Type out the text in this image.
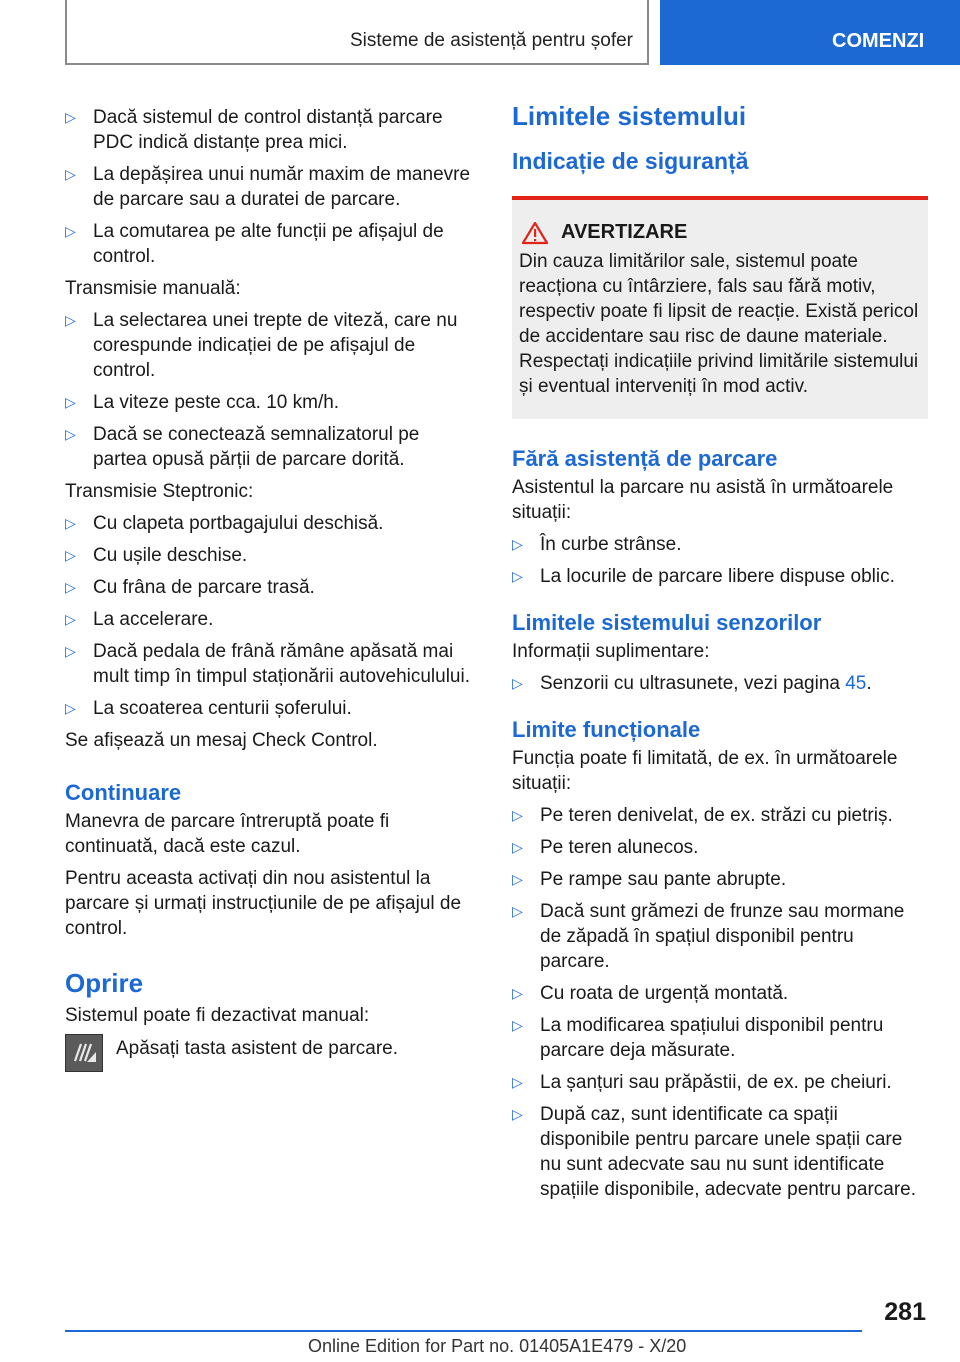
Sisteme de asistență pentru șofer	COMENZI
▷ Dacă sistemul de control distanță parcare PDC indică distanțe prea mici.
▷ La depășirea unui număr maxim de manevre de parcare sau a duratei de parcare.
▷ La comutarea pe alte funcții pe afișajul de control.

Transmisie manuală:

▷ La selectarea unei trepte de viteză, care nu corespunde indicației de pe afișajul de control.
▷ La viteze peste cca. 10 km/h.
▷ Dacă se conectează semnalizatorul pe partea opusă părții de parcare dorită.

Transmisie Steptronic:

▷ Cu clapeta portbagajului deschisă.
▷ Cu ușile deschise.
▷ Cu frâna de parcare trasă.
▷ La accelerare.
▷ Dacă pedala de frână rămâne apăsată mai mult timp în timpul staționării autovehiculului.
▷ La scoaterea centurii șoferului.

Se afișează un mesaj Check Control.

Continuare

Manevra de parcare întreruptă poate fi continuată, dacă este cazul.

Pentru aceasta activați din nou asistentul la parcare și urmați instrucțiunile de pe afișajul de control.

Oprire

Sistemul poate fi dezactivat manual:

Apăsați tasta asistent de parcare.
Limitele sistemului
Indicație de siguranță
AVERTIZARE

Din cauza limitărilor sale, sistemul poate reacționa cu întârziere, fals sau fără motiv, respectiv poate fi lipsit de reacție. Există pericol de accidentare sau risc de daune materiale. Respectați indicațiile privind limitările sistemului și eventual interveniți în mod activ.

Fără asistență de parcare

Asistentul la parcare nu asistă în următoarele situații:

▷ În curbe strânse.
▷ La locurile de parcare libere dispuse oblic.
Limitele sistemului senzorilor

Informații suplimentare:

▷ Senzorii cu ultrasunete, vezi pagina 45.
Limite funcționale

Funcția poate fi limitată, de ex. în următoarele situații:

▷ Pe teren denivelat, de ex. străzi cu pietriș.
▷ Pe teren alunecos.
▷ Pe rampe sau pante abrupte.
▷ Dacă sunt grămezi de frunze sau mormane de zăpadă în spațiul disponibil pentru parcare.
▷ Cu roata de urgență montată.
▷ La modificarea spațiului disponibil pentru parcare deja măsurate.
▷ La șanțuri sau prăpăstii, de ex. pe cheiuri.
▷ După caz, sunt identificate ca spații disponibile pentru parcare unele spații care nu sunt adecvate sau nu sunt identificate spațiile disponibile, adecvate pentru parcare.
281
Online Edition for Part no. 01405A1E479 - X/20
